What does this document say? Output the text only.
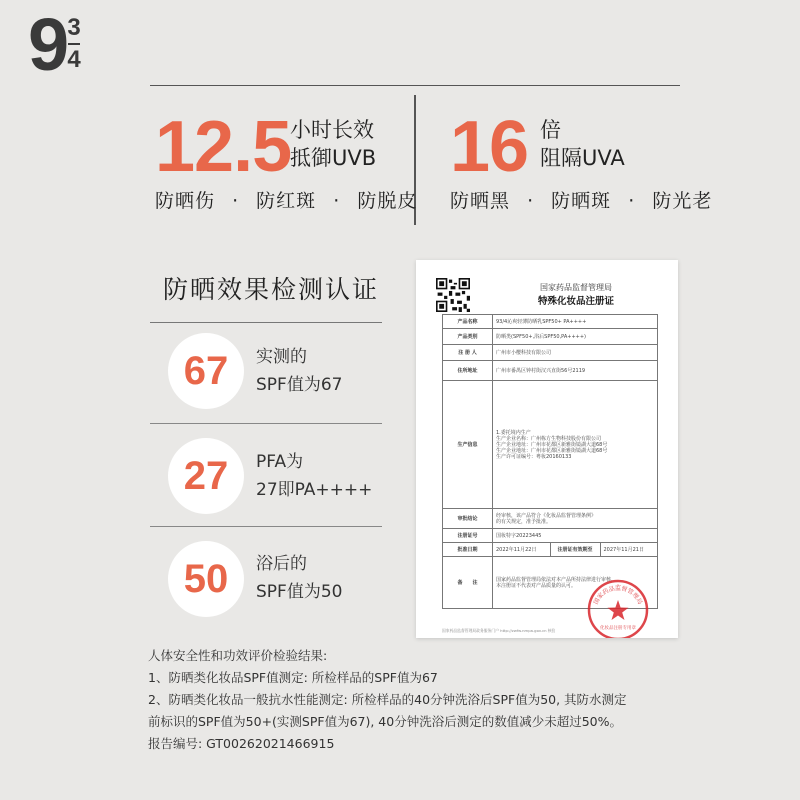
9 3
4
12.5
小时长效
抵御UVB 16 倍
阻隔UVA
防晒伤 · 防红斑 · 防脱皮 防晒黑 · 防晒斑 · 防光老
防晒效果检测认证
67 实测的
SPF值为67
27 PFA为
27即PA++++
50 浴后的
SPF值为50
国家药品监督管理局
特殊化妆品注册证
产品名称	93/4沁爽轻薄防晒乳SPF50+ PA++++		
产品类别	防晒类(SPF50+,浴后SPF50,PA++++)		
注 册 人	广州市小樱科技有限公司		
住所地址	广州市番禺区钟村街汉兴直街56号2119		
生产信息	1.委托境内生产
生产企业名称：广州栋方生物科技股份有限公司
生产企业地址：广州市花都区新雅街镜湖大道68号
生产企业地址：广州市花都区新雅街镜湖大道68号
生产许可证编号：粤妆20160133		

审批结论	经审核，该产品符合《化妆品监督管理条例》
的有关规定，准予批准。		

注册证号	国妆特字20223445		
批准日期	2022年11月22日	注册证有效期至	2027年11月21日
备　　注	国家药品监督管理局依法对本产品所持法律进行审核,
本注册证不代表对产品质量的认可。		
国家药品监督管理局
化妆品注册专用章
国家药品监督管理局政务服务门户 http://zwfw.nmpa.gov.cn 核验

人体安全性和功效评价检验结果:

1、防晒类化妆品SPF值测定: 所检样品的SPF值为67

2、防晒类化妆品一般抗水性能测定: 所检样品的40分钟洗浴后SPF值为50, 其防水测定

前标识的SPF值为50+(实测SPF值为67), 40分钟洗浴后测定的数值减少未超过50%。

报告编号: GT00262021466915
